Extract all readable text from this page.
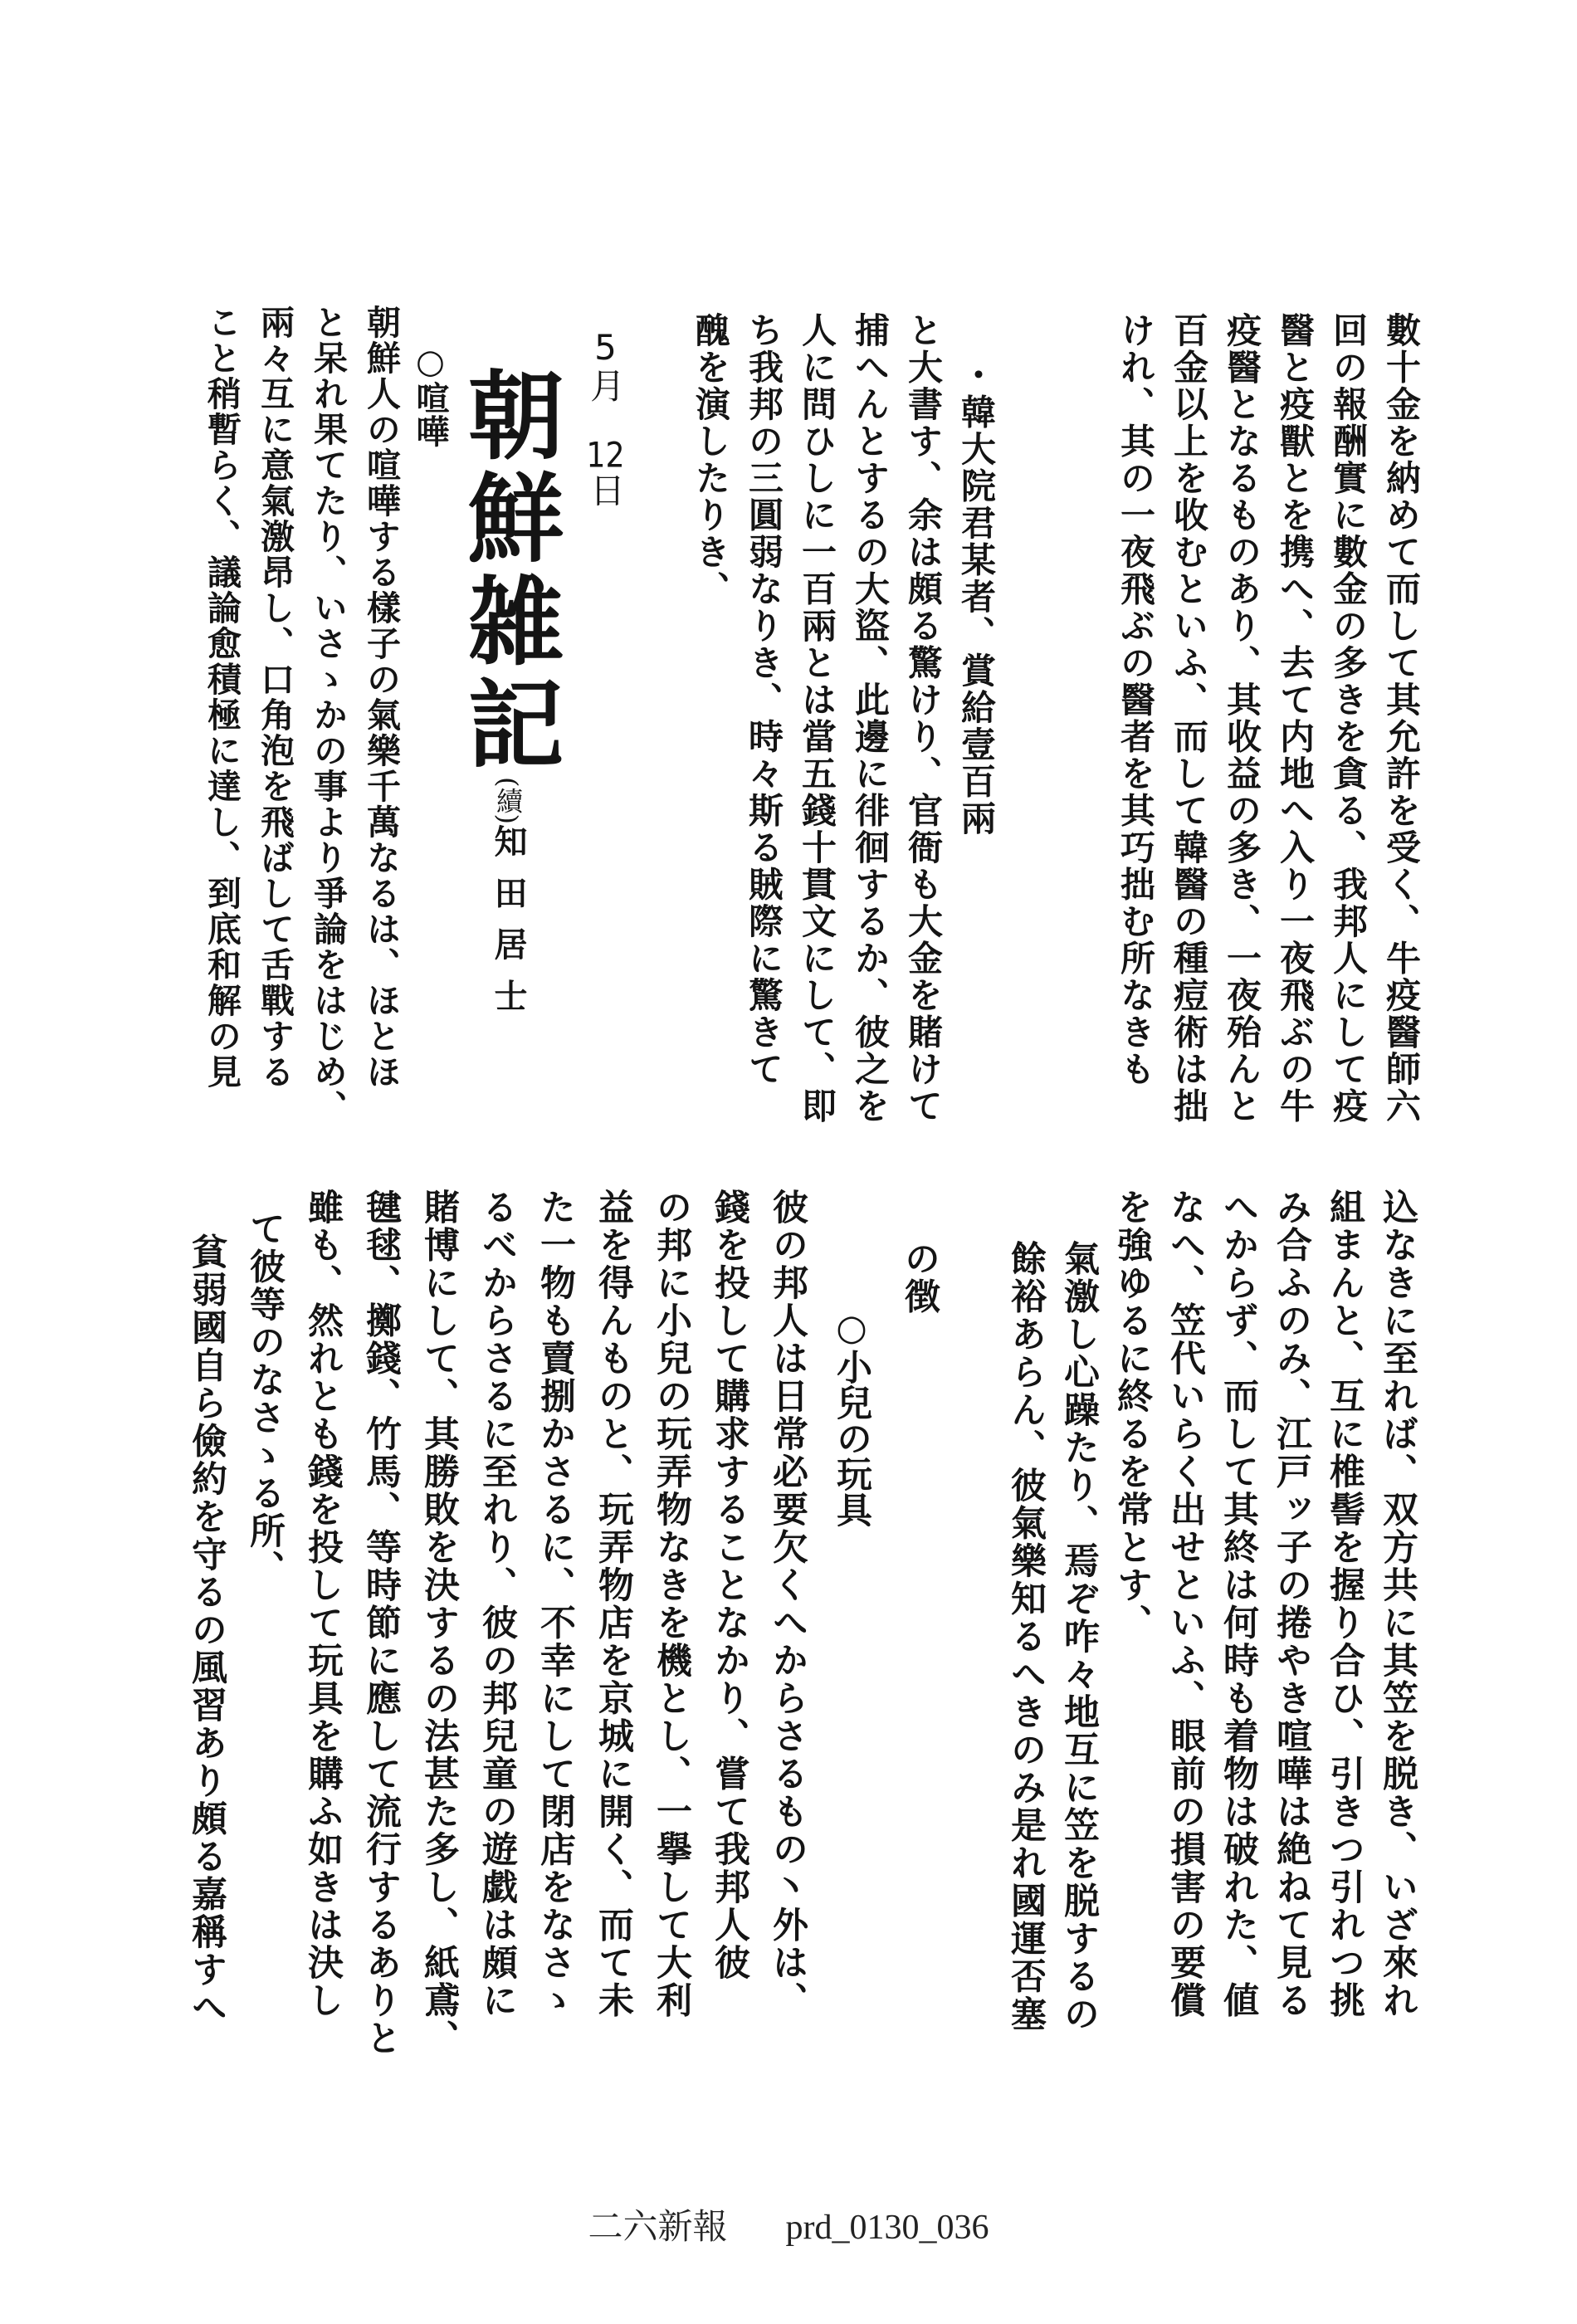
數十金を納めて而して其允許を受く、牛疫醫師六
回の報酬實に數金の多きを貪る、我邦人にして疫
醫と疫獸とを携へ、去て内地へ入り一夜飛ぶの牛
疫醫となるものあり、其收益の多き、一夜殆んと
百金以上を收むといふ、而して韓醫の種痘術は拙
けれ、其の一夜飛ぶの醫者を其巧拙む所なきも
・韓大院君某者、賞給壹百兩
と大書す、余は頗る驚けり、官衙も大金を賭けて
捕へんとするの大盜、此邊に徘徊するか、彼之を
人に問ひしに一百兩とは當五錢十貫文にして、即
ち我邦の三圓弱なりき、時々斯る賊際に驚きて
醜を演したりき、
5月　12日
朝鮮雑記(續)知 田 居 士
○喧嘩
朝鮮人の喧嘩する樣子の氣樂千萬なるは、ほとほ
と呆れ果てたり、いさゝかの事より爭論をはじめ、
兩々互に意氣激昂し、口角泡を飛ばして舌戰する
こと稍暫らく、議論愈積極に達し、到底和解の見
込なきに至れば、双方共に其笠を脱き、いざ來れ
組まんと、互に椎髻を握り合ひ、引きつ引れつ挑
み合ふのみ、江戸ッ子の捲やき喧嘩は絶ねて見る
へからず、而して其終は何時も着物は破れた、値
なへ、笠代いらく出せといふ、眼前の損害の要償
を強ゆるに終るを常とす、
氣激し心躁たり、焉ぞ咋々地互に笠を脱するの
餘裕あらん、彼氣樂知るへきのみ是れ國運否塞
の徴
○小兒の玩具
彼の邦人は日常必要欠くへからさるもの丶外は、
錢を投して購求することなかり、嘗て我邦人彼
の邦に小兒の玩弄物なきを機とし、一擧して大利
益を得んものと、玩弄物店を京城に開く、而て未
た一物も賣捌かさるに、不幸にして閉店をなさゝ
るべからさるに至れり、彼の邦兒童の遊戯は頗に
賭博にして、其勝敗を決するの法甚た多し、紙鳶、
毽毬、擲錢、竹馬、等時節に應して流行するありと
雖も、然れとも錢を投して玩具を購ふ如きは決し
て彼等のなさゝる所、
貧弱國自ら儉約を守るの風習あり頗る嘉稱すへ
二六新報 prd_0130_036
